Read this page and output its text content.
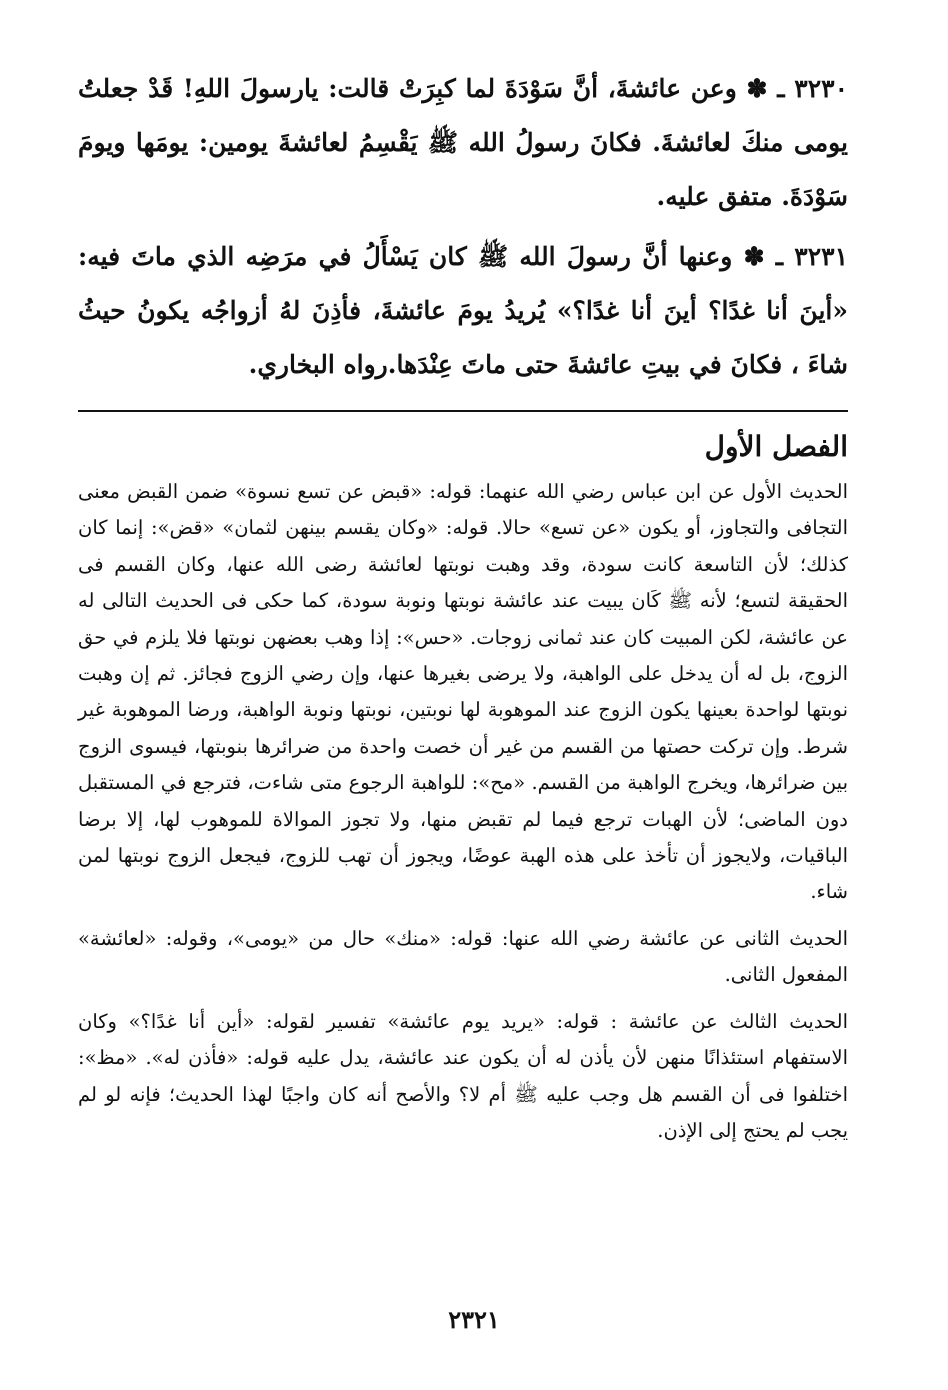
٣٢٣٠ ـ ✽ وعن عائشةَ، أنَّ سَوْدَةَ لما كبِرَتْ قالت: يارسولَ اللهِ! قَدْ جعلتُ يومى منكَ لعائشةَ. فكانَ رسولُ الله ﷺ يَقْسِمُ لعائشةَ يومين: يومَها ويومَ سَوْدَةَ. متفق عليه.

٣٢٣١ ـ ✽ وعنها أنَّ رسولَ الله ﷺ كان يَسْأَلُ في مرَضِه الذي ماتَ فيه: «أينَ أنا غدًا؟ أينَ أنا غدًا؟» يُريدُ يومَ عائشةَ، فأذِنَ لهُ أزواجُه يكونُ حيثُ شاءَ ، فكانَ في بيتِ عائشةَ حتى ماتَ عِنْدَها.رواه البخاري.

الفصل الأول

الحديث الأول عن ابن عباس رضي الله عنهما: قوله: «قبض عن تسع نسوة» ضمن القبض معنى التجافى والتجاوز، أو يكون «عن تسع» حالا. قوله: «وكان يقسم بينهن لثمان» «قض»: إنما كان كذلك؛ لأن التاسعة كانت سودة، وقد وهبت نوبتها لعائشة رضى الله عنها، وكان القسم فى الحقيقة لتسع؛ لأنه ﷺ كَان يبيت عند عائشة نوبتها ونوبة سودة، كما حكى فى الحديث التالى له عن عائشة، لكن المبيت كان عند ثمانى زوجات. «حس»: إذا وهب بعضهن نوبتها فلا يلزم في حق الزوج، بل له أن يدخل على الواهبة، ولا يرضى بغيرها عنها، وإن رضي الزوج فجائز. ثم إن وهبت نوبتها لواحدة بعينها يكون الزوج عند الموهوبة لها نوبتين، نوبتها ونوبة الواهبة، ورضا الموهوبة غير شرط. وإن تركت حصتها من القسم من غير أن خصت واحدة من ضرائرها بنوبتها، فيسوى الزوج بين ضرائرها، ويخرج الواهبة من القسم. «مح»: للواهبة الرجوع متى شاءت، فترجع في المستقبل دون الماضى؛ لأن الهبات ترجع فيما لم تقبض منها، ولا تجوز الموالاة للموهوب لها، إلا برضا الباقيات، ولايجوز أن تأخذ على هذه الهبة عوضًا، ويجوز أن تهب للزوج، فيجعل الزوج نوبتها لمن شاء.

الحديث الثانى عن عائشة رضي الله عنها: قوله: «منك» حال من «يومى»، وقوله: «لعائشة» المفعول الثانى.

الحديث الثالث عن عائشة : قوله: «يريد يوم عائشة» تفسير لقوله: «أين أنا غدًا؟» وكان الاستفهام استئذانًا منهن لأن يأذن له أن يكون عند عائشة، يدل عليه قوله: «فأذن له». «مظ»: اختلفوا فى أن القسم هل وجب عليه ﷺ أم لا؟ والأصح أنه كان واجبًا لهذا الحديث؛ فإنه لو لم يجب لم يحتج إلى الإذن.

٢٣٢١
